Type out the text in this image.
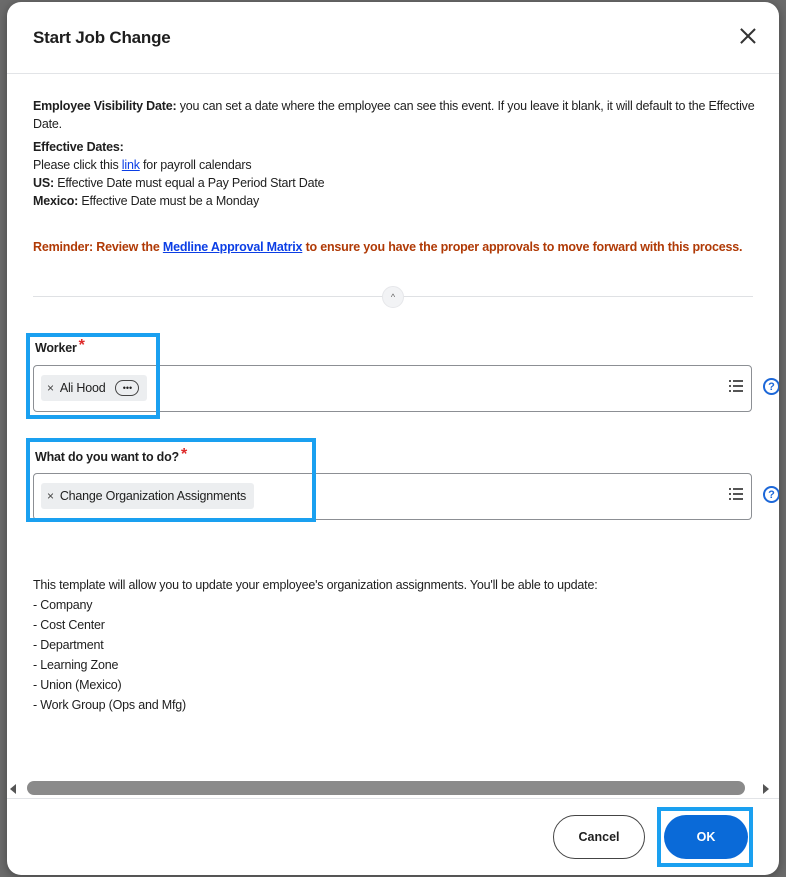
Start Job Change
Employee Visibility Date: you can set a date where the employee can see this event. If you leave it blank, it will default to the Effective Date.
Effective Dates:
Please click this link for payroll calendars
US: Effective Date must equal a Pay Period Start Date
Mexico: Effective Date must be a Monday
Reminder: Review the Medline Approval Matrix to ensure you have the proper approvals to move forward with this process.
^
Worker *
× Ali Hood	•••	?
What do you want to do? *
× Change Organization Assignments	?
This template will allow you to update your employee's organization assignments. You'll be able to update:
- Company
- Cost Center
- Department
- Learning Zone
- Union (Mexico)
- Work Group (Ops and Mfg)
Cancel	OK
